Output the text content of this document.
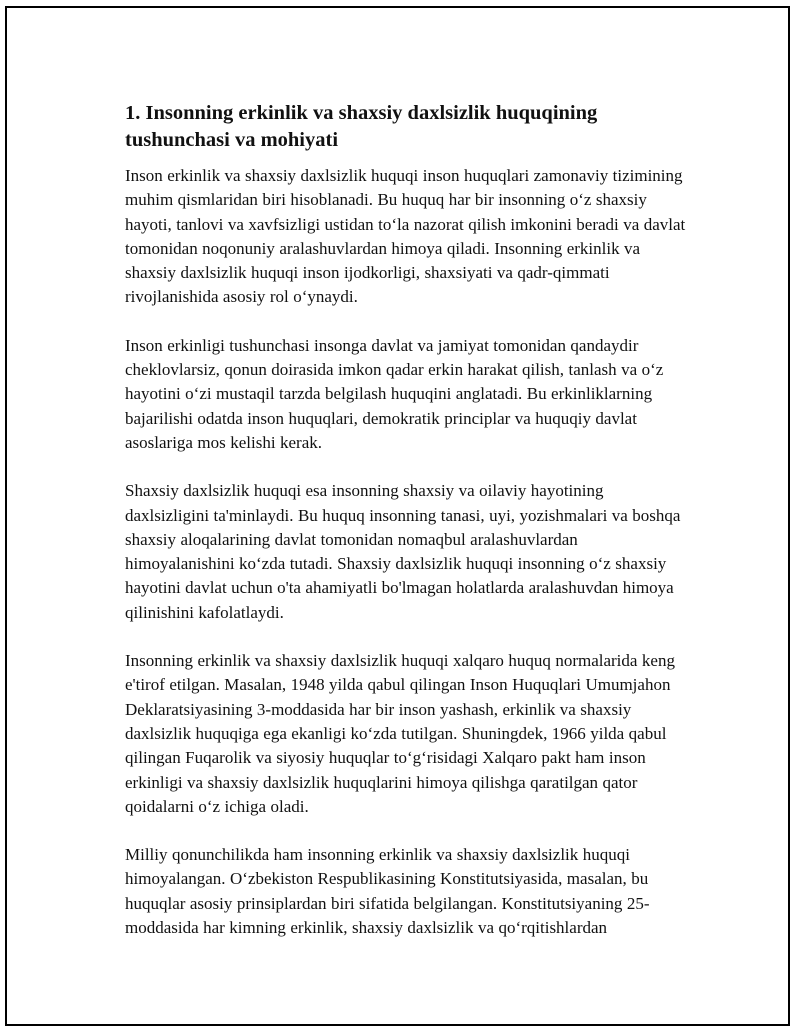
1. Insonning erkinlik va shaxsiy daxlsizlik huquqining tushunchasi va mohiyati

Inson erkinlik va shaxsiy daxlsizlik huquqi inson huquqlari zamonaviy tizimining muhim qismlaridan biri hisoblanadi. Bu huquq har bir insonning oʻz shaxsiy hayoti, tanlovi va xavfsizligi ustidan toʻla nazorat qilish imkonini beradi va davlat tomonidan noqonuniy aralashuvlardan himoya qiladi. Insonning erkinlik va shaxsiy daxlsizlik huquqi inson ijodkorligi, shaxsiyati va qadr-qimmati rivojlanishida asosiy rol oʻynaydi.

Inson erkinligi tushunchasi insonga davlat va jamiyat tomonidan qandaydir cheklovlarsiz, qonun doirasida imkon qadar erkin harakat qilish, tanlash va oʻz hayotini oʻzi mustaqil tarzda belgilash huquqini anglatadi. Bu erkinliklarning bajarilishi odatda inson huquqlari, demokratik principlar va huquqiy davlat asoslariga mos kelishi kerak.

Shaxsiy daxlsizlik huquqi esa insonning shaxsiy va oilaviy hayotining daxlsizligini ta'minlaydi. Bu huquq insonning tanasi, uyi, yozishmalari va boshqa shaxsiy aloqalarining davlat tomonidan nomaqbul aralashuvlardan himoyalanishini koʻzda tutadi. Shaxsiy daxlsizlik huquqi insonning oʻz shaxsiy hayotini davlat uchun o'ta ahamiyatli bo'lmagan holatlarda aralashuvdan himoya qilinishini kafolatlaydi.

Insonning erkinlik va shaxsiy daxlsizlik huquqi xalqaro huquq normalarida keng e'tirof etilgan. Masalan, 1948 yilda qabul qilingan Inson Huquqlari Umumjahon Deklaratsiyasining 3-moddasida har bir inson yashash, erkinlik va shaxsiy daxlsizlik huquqiga ega ekanligi koʻzda tutilgan. Shuningdek, 1966 yilda qabul qilingan Fuqarolik va siyosiy huquqlar toʻgʻrisidagi Xalqaro pakt ham inson erkinligi va shaxsiy daxlsizlik huquqlarini himoya qilishga qaratilgan qator qoidalarni oʻz ichiga oladi.

Milliy qonunchilikda ham insonning erkinlik va shaxsiy daxlsizlik huquqi himoyalangan. Oʻzbekiston Respublikasining Konstitutsiyasida, masalan, bu huquqlar asosiy prinsiplardan biri sifatida belgilangan. Konstitutsiyaning 25-moddasida har kimning erkinlik, shaxsiy daxlsizlik va qoʻrqitishlardan
